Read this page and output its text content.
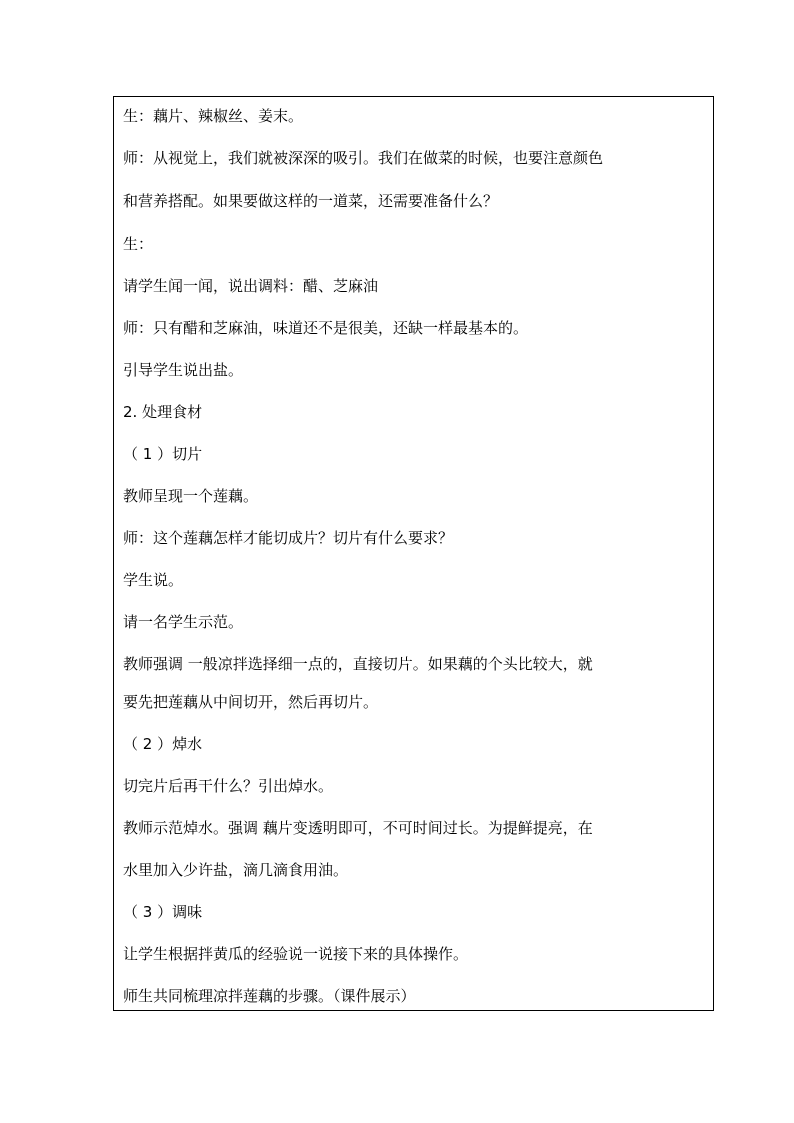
生：藕片、辣椒丝、姜末。
师：从视觉上，我们就被深深的吸引。我们在做菜的时候，也要注意颜色
和营养搭配。如果要做这样的一道菜，还需要准备什么？
生：
请学生闻一闻，说出调料：醋、芝麻油
师：只有醋和芝麻油，味道还不是很美，还缺一样最基本的。
引导学生说出盐。
2. 处理食材
（ 1 ）切片
教师呈现一个莲藕。
师：这个莲藕怎样才能切成片？切片有什么要求？
学生说。
请一名学生示范。
教师强调 一般凉拌选择细一点的，直接切片。如果藕的个头比较大，就
要先把莲藕从中间切开，然后再切片。
（ 2 ）焯水
切完片后再干什么？引出焯水。
教师示范焯水。强调 藕片变透明即可，不可时间过长。为提鲜提亮，在
水里加入少许盐，滴几滴食用油。
（ 3 ）调味
让学生根据拌黄瓜的经验说一说接下来的具体操作。
师生共同梳理凉拌莲藕的步骤。（课件展示）
